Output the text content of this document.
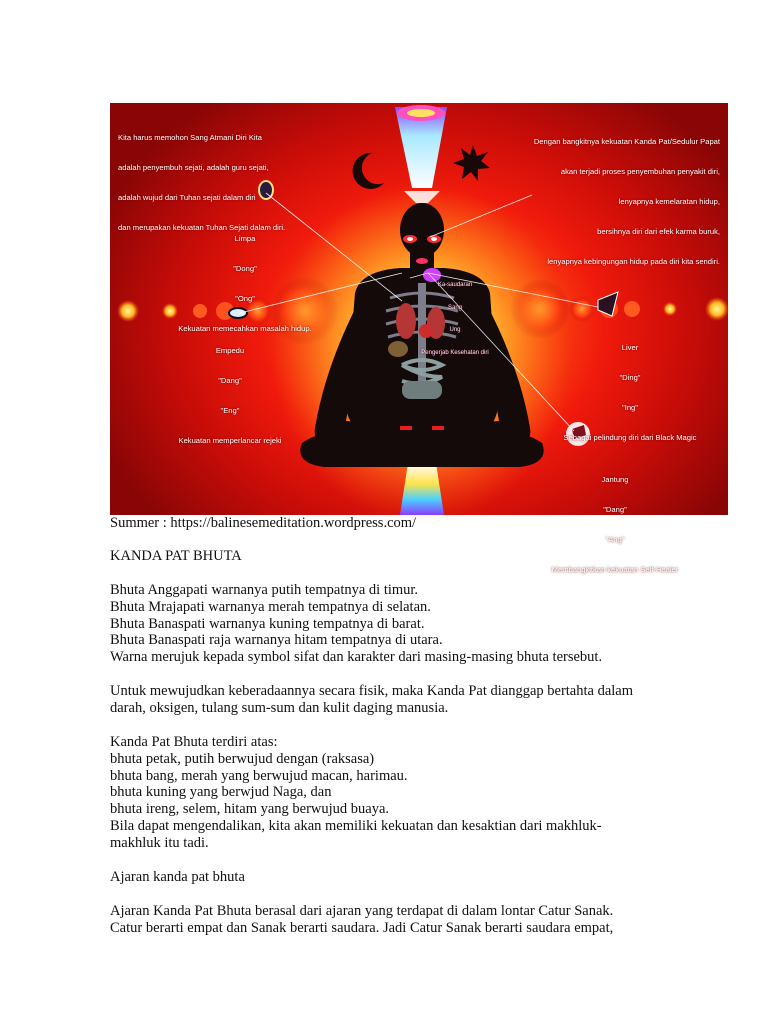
Kita harus memohon Sang Atmani Diri Kita

adalah penyembuh sejati, adalah guru sejati,

adalah wujud dari Tuhan sejati dalam diri

dan merupakan kekuatan Tuhan Sejati dalam diri.

Dengan bangkitnya kekuatan Kanda Pat/Sedulur Papat

akan terjadi proses penyembuhan penyakit diri,

lenyapnya kemelaratan hidup,

bersihnya diri dari efek karma buruk,

lenyapnya kebingungan hidup pada diri kita sendiri.

Limpa

"Dong"

"Ong"

Kekuatan memecahkan masalah hidup.

Empedu

"Dang"

"Eng"

Kekuatan memperlancar rejeki

Liver

"Ding"

"Ing"

Sebagai pelindung diri dari Black Magic

Jantung

"Dang"

"Ang"

Membangkitkan kekuatan Self-Healer

Ka-saudaran

Sang

Ung

Pengerjab Kesehatan diri

Summer : https://balinesemeditation.wordpress.com/

KANDA PAT BHUTA

Bhuta Anggapati warnanya putih tempatnya di timur.

Bhuta Mrajapati warnanya merah tempatnya di selatan.

Bhuta Banaspati warnanya kuning tempatnya di barat.

Bhuta Banaspati raja warnanya hitam tempatnya di utara.

Warna merujuk kepada symbol sifat dan karakter dari masing-masing bhuta tersebut.

Untuk mewujudkan keberadaannya secara fisik, maka Kanda Pat dianggap bertahta dalam

darah, oksigen, tulang sum-sum dan kulit daging manusia.

Kanda Pat Bhuta terdiri atas:

bhuta petak, putih berwujud dengan (raksasa)

bhuta bang, merah yang berwujud macan, harimau.

bhuta kuning yang berwjud Naga, dan

bhuta ireng, selem, hitam yang berwujud buaya.

Bila dapat mengendalikan, kita akan memiliki kekuatan dan kesaktian dari makhluk-

makhluk itu tadi.

Ajaran kanda pat bhuta

Ajaran Kanda Pat Bhuta berasal dari ajaran yang terdapat di dalam lontar Catur Sanak.

Catur berarti empat dan Sanak berarti saudara. Jadi Catur Sanak berarti saudara empat,
